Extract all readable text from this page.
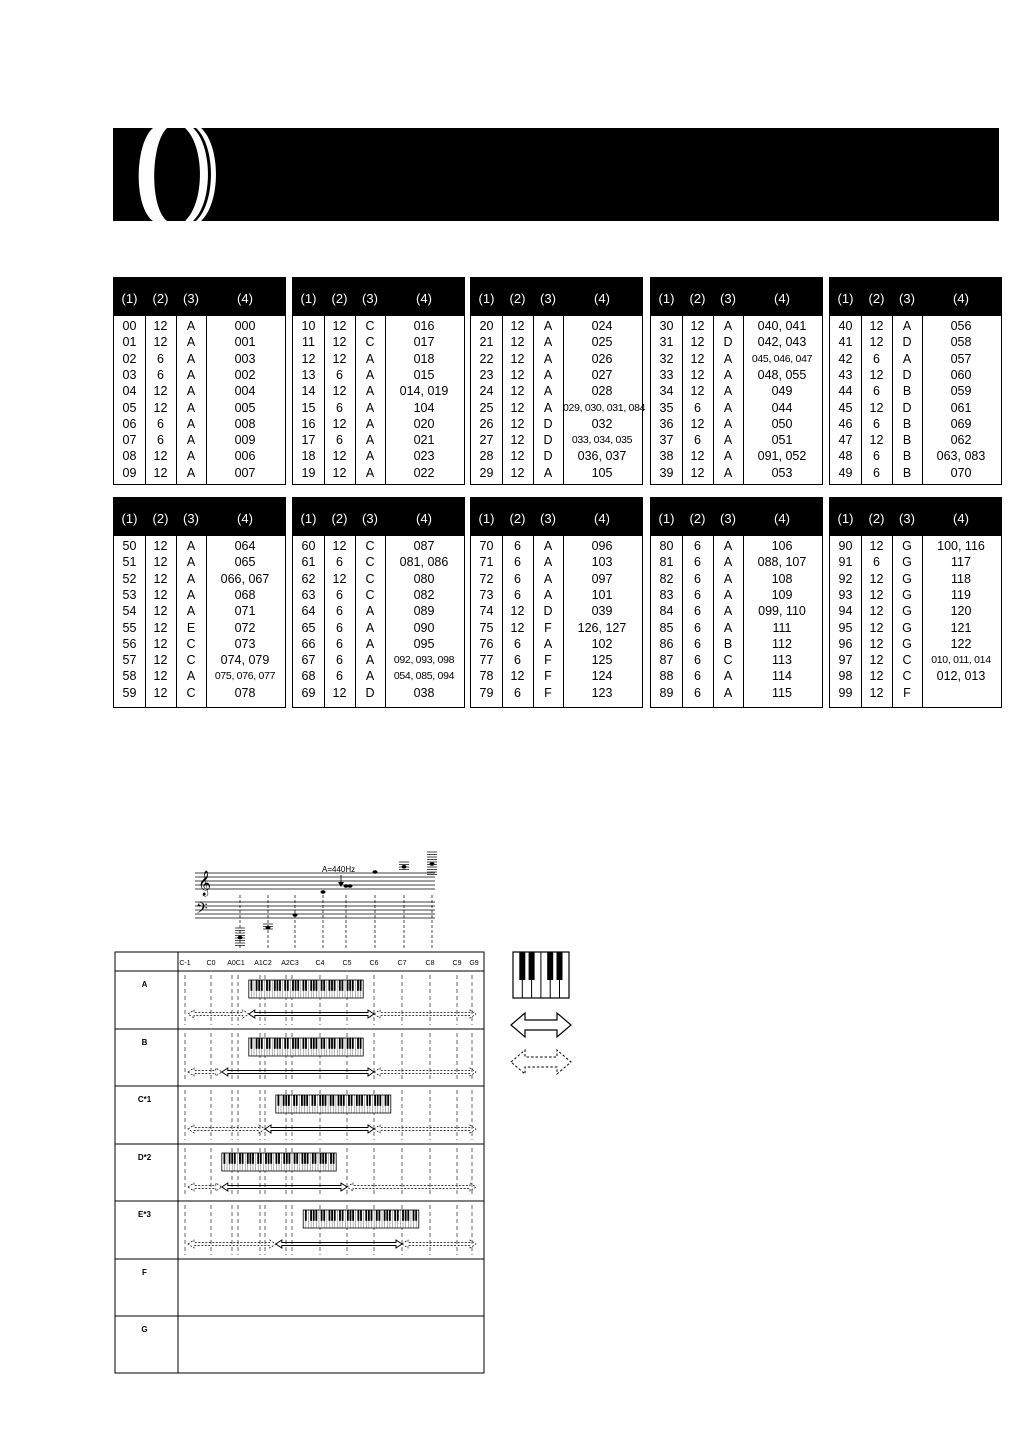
(1)	(2)	(3)	(4)
00	12	A	000
01	12	A	001
02	6	A	003
03	6	A	002
04	12	A	004
05	12	A	005
06	6	A	008
07	6	A	009
08	12	A	006
09	12	A	007
(1)	(2)	(3)	(4)
10	12	C	016
11	12	C	017
12	12	A	018
13	6	A	015
14	12	A	014, 019
15	6	A	104
16	12	A	020
17	6	A	021
18	12	A	023
19	12	A	022
(1)	(2)	(3)	(4)
20	12	A	024
21	12	A	025
22	12	A	026
23	12	A	027
24	12	A	028
25	12	A	029, 030, 031, 084
26	12	D	032
27	12	D	033, 034, 035
28	12	D	036, 037
29	12	A	105
(1)	(2)	(3)	(4)
30	12	A	040, 041
31	12	D	042, 043
32	12	A	045, 046, 047
33	12	A	048, 055
34	12	A	049
35	6	A	044
36	12	A	050
37	6	A	051
38	12	A	091, 052
39	12	A	053
(1)	(2)	(3)	(4)
40	12	A	056
41	12	D	058
42	6	A	057
43	12	D	060
44	6	B	059
45	12	D	061
46	6	B	069
47	12	B	062
48	6	B	063, 083
49	6	B	070
(1)	(2)	(3)	(4)
50	12	A	064
51	12	A	065
52	12	A	066, 067
53	12	A	068
54	12	A	071
55	12	E	072
56	12	C	073
57	12	C	074, 079
58	12	A	075, 076, 077
59	12	C	078
(1)	(2)	(3)	(4)
60	12	C	087
61	6	C	081, 086
62	12	C	080
63	6	C	082
64	6	A	089
65	6	A	090
66	6	A	095
67	6	A	092, 093, 098
68	6	A	054, 085, 094
69	12	D	038
(1)	(2)	(3)	(4)
70	6	A	096
71	6	A	103
72	6	A	097
73	6	A	101
74	12	D	039
75	12	F	126, 127
76	6	A	102
77	6	F	125
78	12	F	124
79	6	F	123
(1)	(2)	(3)	(4)
80	6	A	106
81	6	A	088, 107
82	6	A	108
83	6	A	109
84	6	A	099, 110
85	6	A	111
86	6	B	112
87	6	C	113
88	6	A	114
89	6	A	115
(1)	(2)	(3)	(4)
90	12	G	100, 116
91	6	G	117
92	12	G	118
93	12	G	119
94	12	G	120
95	12	G	121
96	12	G	122
97	12	C	010, 011, 014
98	12	C	012, 013
99	12	F
𝄞
𝄢
A=440Hz
C-1 C0 A0C1 A1C2 A2C3 C4	C5	C6	C7	C8	C9 G9
A
B
C*1
D*2
E*3
F
G
